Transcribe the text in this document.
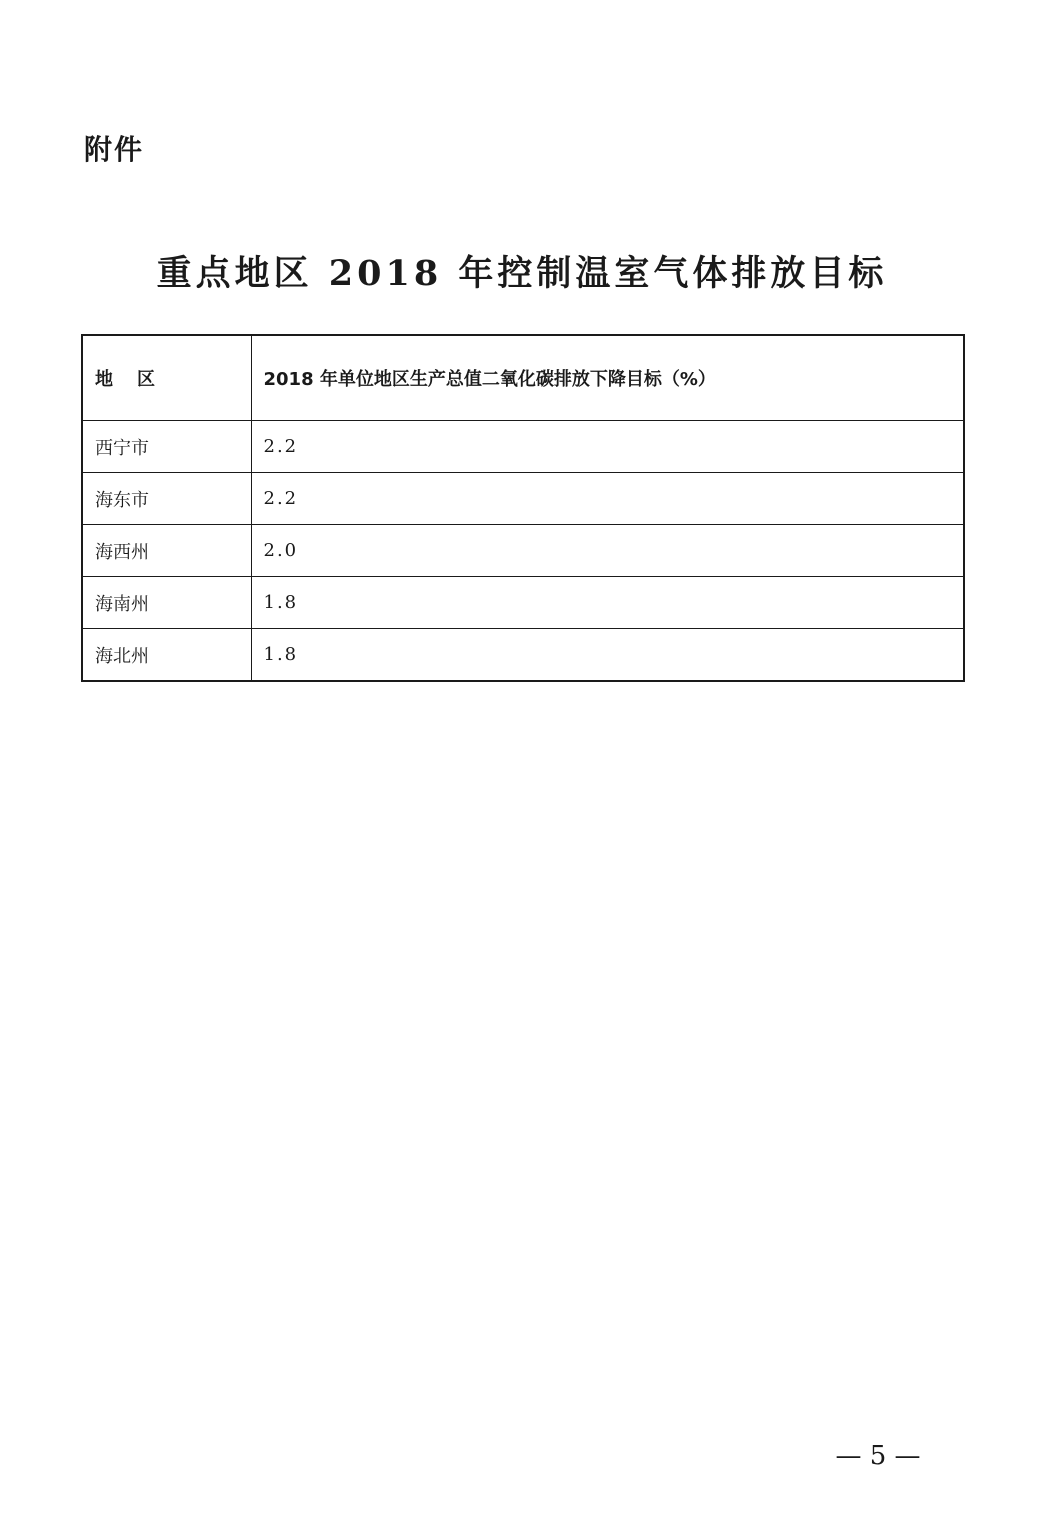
附件
重点地区 2018 年控制温室气体排放目标
地区	2018 年单位地区生产总值二氧化碳排放下降目标（%）
西宁市	2.2
海东市	2.2
海西州	2.0
海南州	1.8
海北州	1.8
— 5 —
